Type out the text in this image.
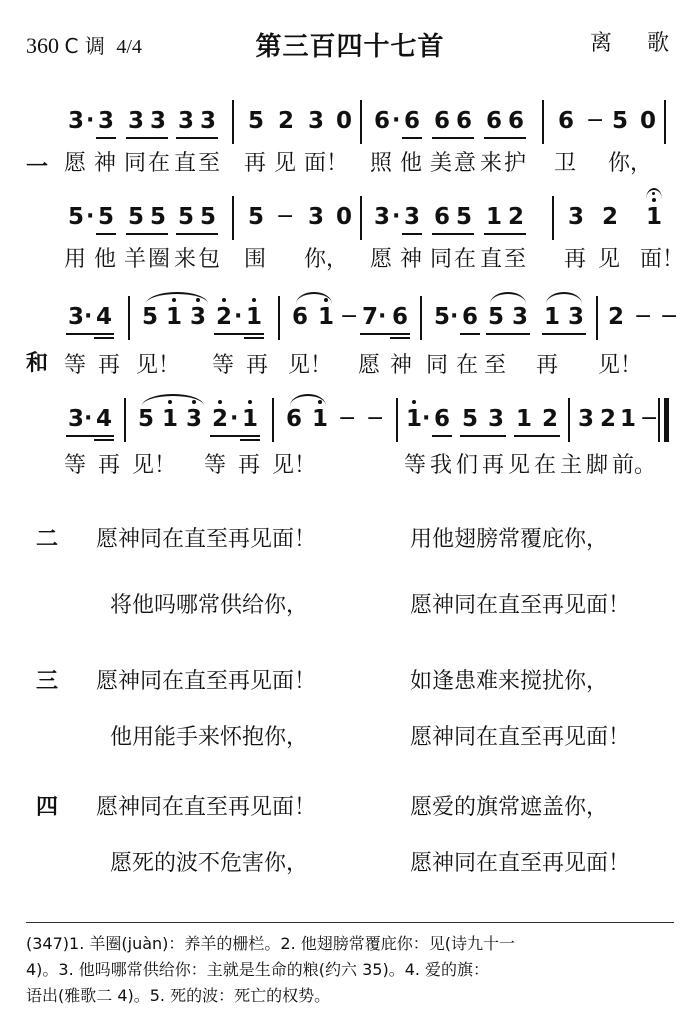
360 C 调 4/4	第三百四十七首	离 歌
3 · 3 3 3 3 3 5 2 3 0 6 · 6 6 6 6 6 6 − 5 0
一 愿 神 同 在 直 至 再 见 面！ 照 他 美 意 来 护 卫 你，
5 · 5 5 5 5 5 5 − 3 0 3 · 3 6 5 1 2 3 2 1
用 他 羊 圈 来 包 围 你， 愿 神 同 在 直 至 再 见 面！
3 · 4 5 1 3 2 · 1 6 1 − 7 · 6 5 · 6 5 3 1 3 2 − −
和 等 再 见！ 等 再 见！ 愿 神 同 在 至 再 见！
3 · 4 5 1 3 2 · 1 6 1 − − 1 · 6 5 3 1 2 3 2 1 −
等 再 见！ 等 再 见！	等 我 们 再 见 在 主 脚 前。
二 愿神同在直至再见面！	用他翅膀常覆庇你，
将他吗哪常供给你，	愿神同在直至再见面！
三 愿神同在直至再见面！	如逢患难来搅扰你，
他用能手来怀抱你，	愿神同在直至再见面！
四 愿神同在直至再见面！	愿爱的旗常遮盖你，
愿死的波不危害你，	愿神同在直至再见面！
(347)1. 羊圈(juàn)：养羊的栅栏。2. 他翅膀常覆庇你：见(诗九十一
4)。3. 他吗哪常供给你：主就是生命的粮(约六 35)。4. 爱的旗：
语出(雅歌二 4)。5. 死的波：死亡的权势。
